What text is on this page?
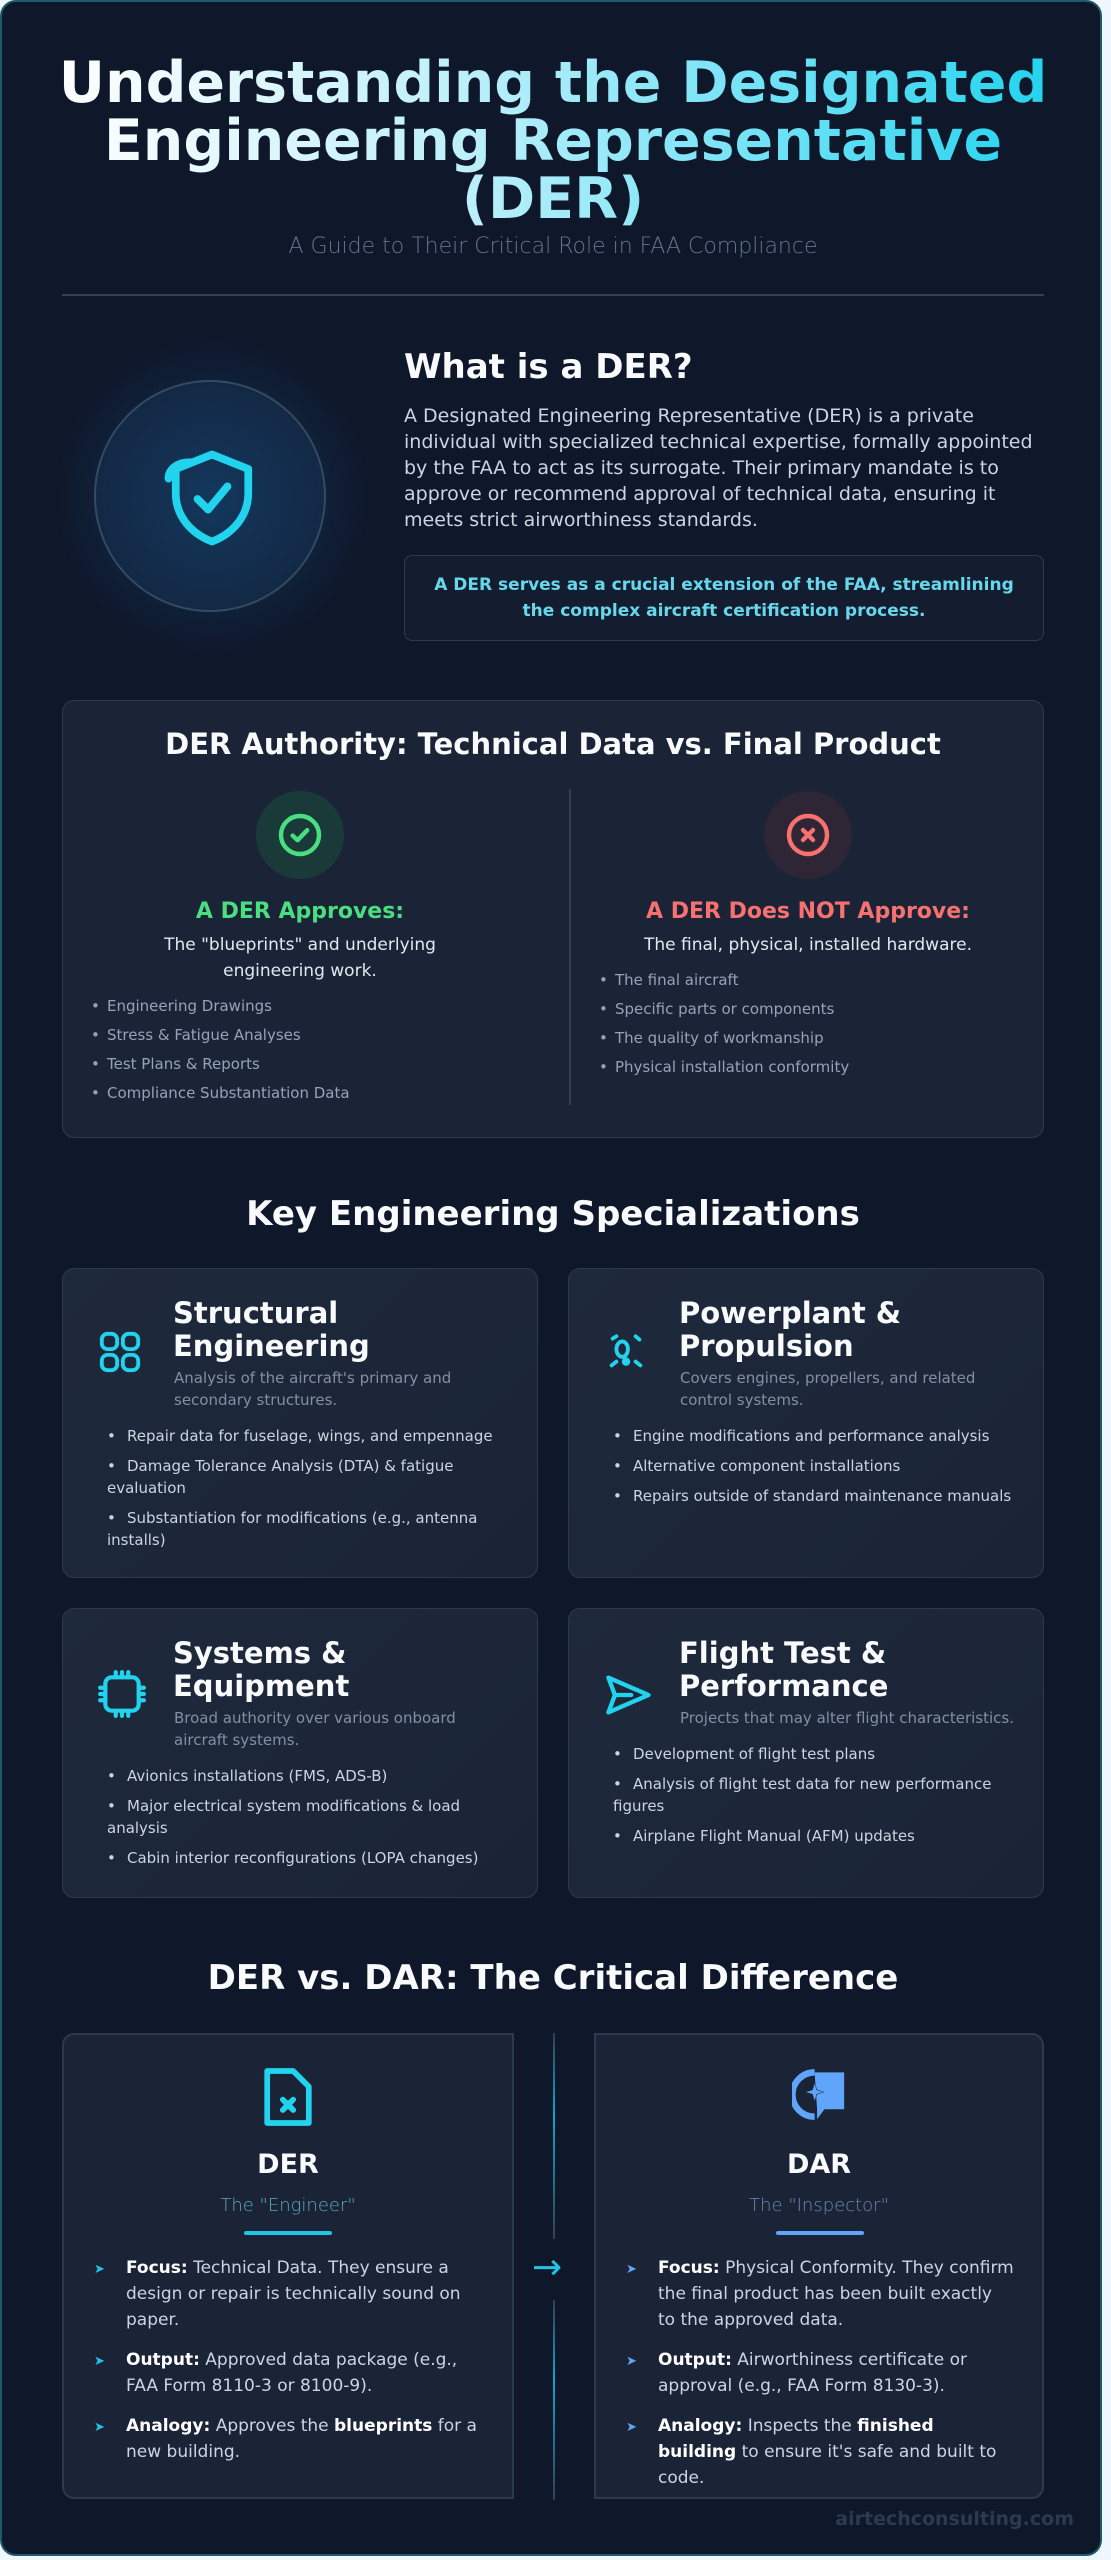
Understanding the Designated Engineering Representative (DER)
A Guide to Their Critical Role in FAA Compliance
What is a DER?

A Designated Engineering Representative (DER) is a private individual with specialized technical expertise, formally appointed by the FAA to act as its surrogate. Their primary mandate is to approve or recommend approval of technical data, ensuring it meets strict airworthiness standards.

A DER serves as a crucial extension of the FAA, streamlining the complex aircraft certification process.
DER Authority: Technical Data vs. Final Product
A DER Approves:
The "blueprints" and underlying engineering work.
• Engineering Drawings
• Stress & Fatigue Analyses
• Test Plans & Reports
• Compliance Substantiation Data
A DER Does NOT Approve:
The final, physical, installed hardware.
• The final aircraft
• Specific parts or components
• The quality of workmanship
• Physical installation conformity
Key Engineering Specializations
Structural Engineering
Analysis of the aircraft's primary and secondary structures.
• Repair data for fuselage, wings, and empennage
• Damage Tolerance Analysis (DTA) & fatigue evaluation
• Substantiation for modifications (e.g., antenna installs)
Powerplant & Propulsion
Covers engines, propellers, and related control systems.
• Engine modifications and performance analysis
• Alternative component installations
• Repairs outside of standard maintenance manuals
Systems & Equipment
Broad authority over various onboard aircraft systems.
• Avionics installations (FMS, ADS-B)
• Major electrical system modifications & load analysis
• Cabin interior reconfigurations (LOPA changes)
Flight Test & Performance
Projects that may alter flight characteristics.
• Development of flight test plans
• Analysis of flight test data for new performance figures
• Airplane Flight Manual (AFM) updates
DER vs. DAR: The Critical Difference
DER
The "Engineer"
➤ Focus: Technical Data. They ensure a design or repair is technically sound on paper.
➤ Output: Approved data package (e.g., FAA Form 8110-3 or 8100-9).
➤ Analogy: Approves the blueprints for a new building.
→
DAR
The "Inspector"
➤ Focus: Physical Conformity. They confirm the final product has been built exactly to the approved data.
➤ Output: Airworthiness certificate or approval (e.g., FAA Form 8130-3).
➤ Analogy: Inspects the finished building to ensure it's safe and built to code.
airtechconsulting.com
